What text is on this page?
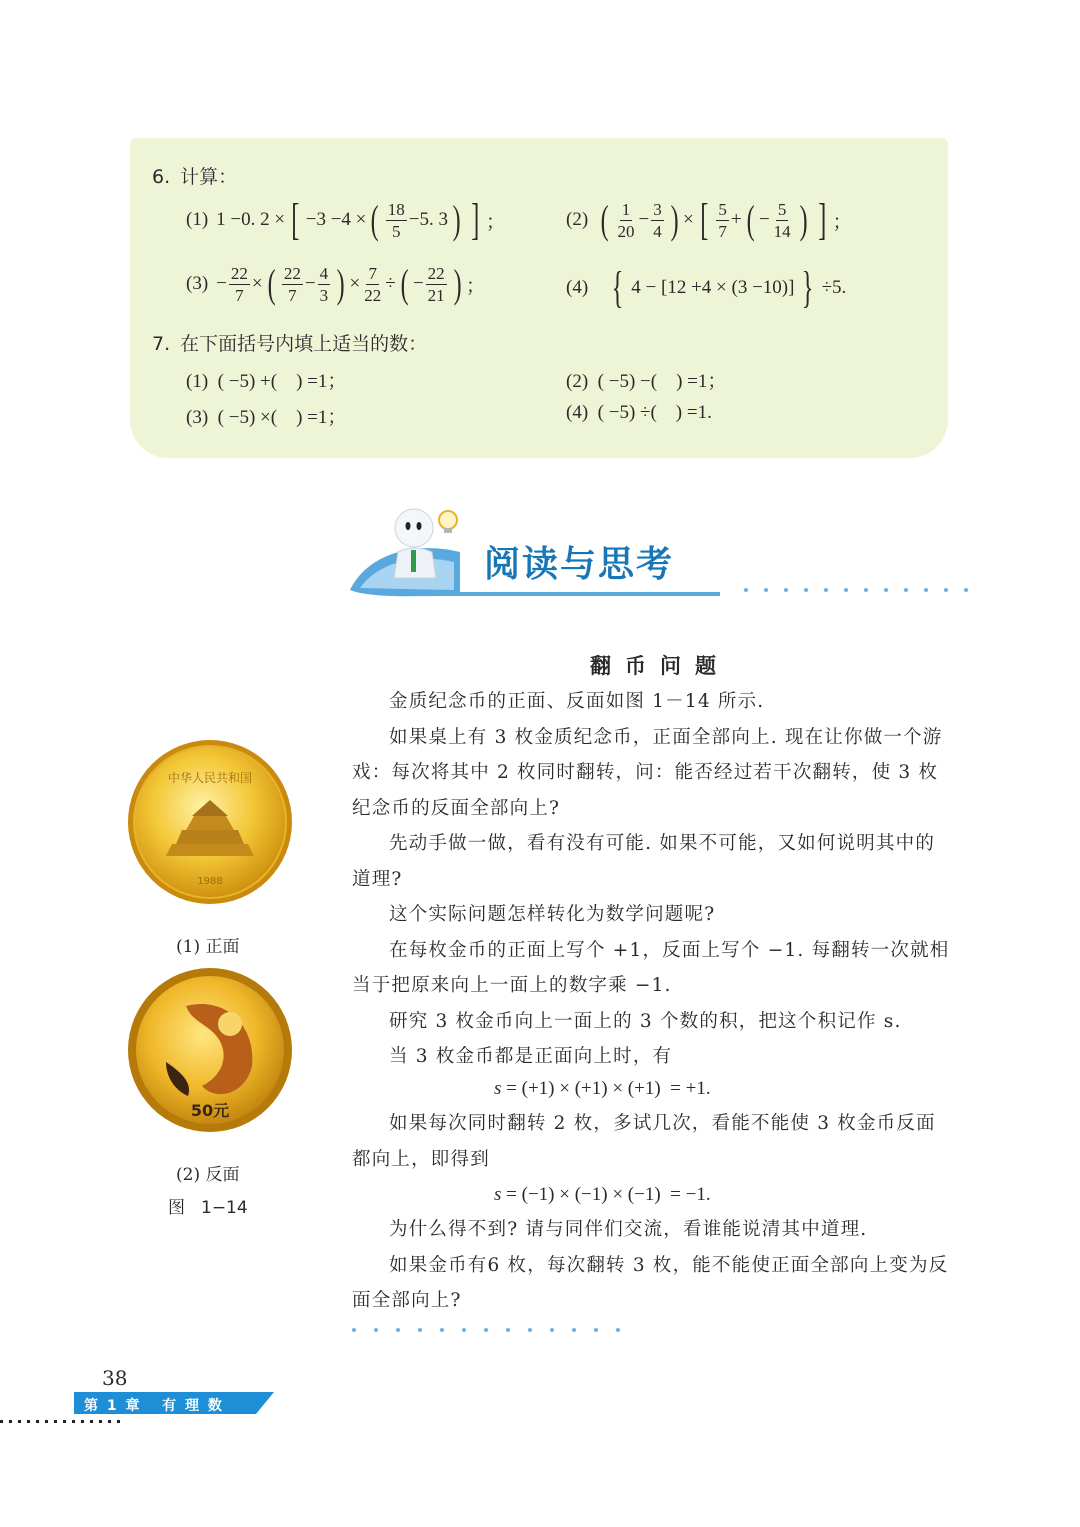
6. 计算：
(1) 1 −0. 2 × [ −3 −4 × ( $\frac{18}{5} -5$. 3 ) ] ；	(2) ( $\frac{1}{20} - \frac{3}{4}$ ) × [ $\frac{5}{7}$ + ( − $\frac{5}{14}$ ) ] ；
$(3) - \frac{22}{7}$ × ( $\frac{22}{7} - \frac{4}{3}$ ) × $\frac{7}{22}$ ÷ ( − $\frac{22}{21}$ ) ；	(4) { 4 − [12 +4 × (3 −10)] } ÷5.
7. 在下面括号内填上适当的数：
(1)  ( −5) +(    ) =1；	(2)  ( −5) −(    ) =1；
(3)  ( −5) ×(    ) =1；	(4)  ( −5) ÷(    ) =1.
阅读与思考
翻币问题

金质纪念币的正面、反面如图 1－14 所示.

如果桌上有 3 枚金质纪念币，正面全部向上. 现在让你做一个游戏：每次将其中 2 枚同时翻转，问：能否经过若干次翻转，使 3 枚纪念币的反面全部向上?

先动手做一做，看有没有可能. 如果不可能，又如何说明其中的道理?

这个实际问题怎样转化为数学问题呢?

在每枚金币的正面上写个 +1，反面上写个 −1. 每翻转一次就相当于把原来向上一面上的数字乘 −1.

研究 3 枚金币向上一面上的 3 个数的积，把这个积记作 s.

当 3 枚金币都是正面向上时，有

s = (+1) × (+1) × (+1)  = +1.

如果每次同时翻转 2 枚，多试几次，看能不能使 3 枚金币反面都向上，即得到

s = (−1) × (−1) × (−1)  = −1.

为什么得不到? 请与同伴们交流，看谁能说清其中道理.

如果金币有6 枚，每次翻转 3 枚，能不能使正面全部向上变为反面全部向上?

中华人民共和国
1988
(1) 正面
50元
(2) 反面
图 1−14
38
第 1 章   有 理 数
